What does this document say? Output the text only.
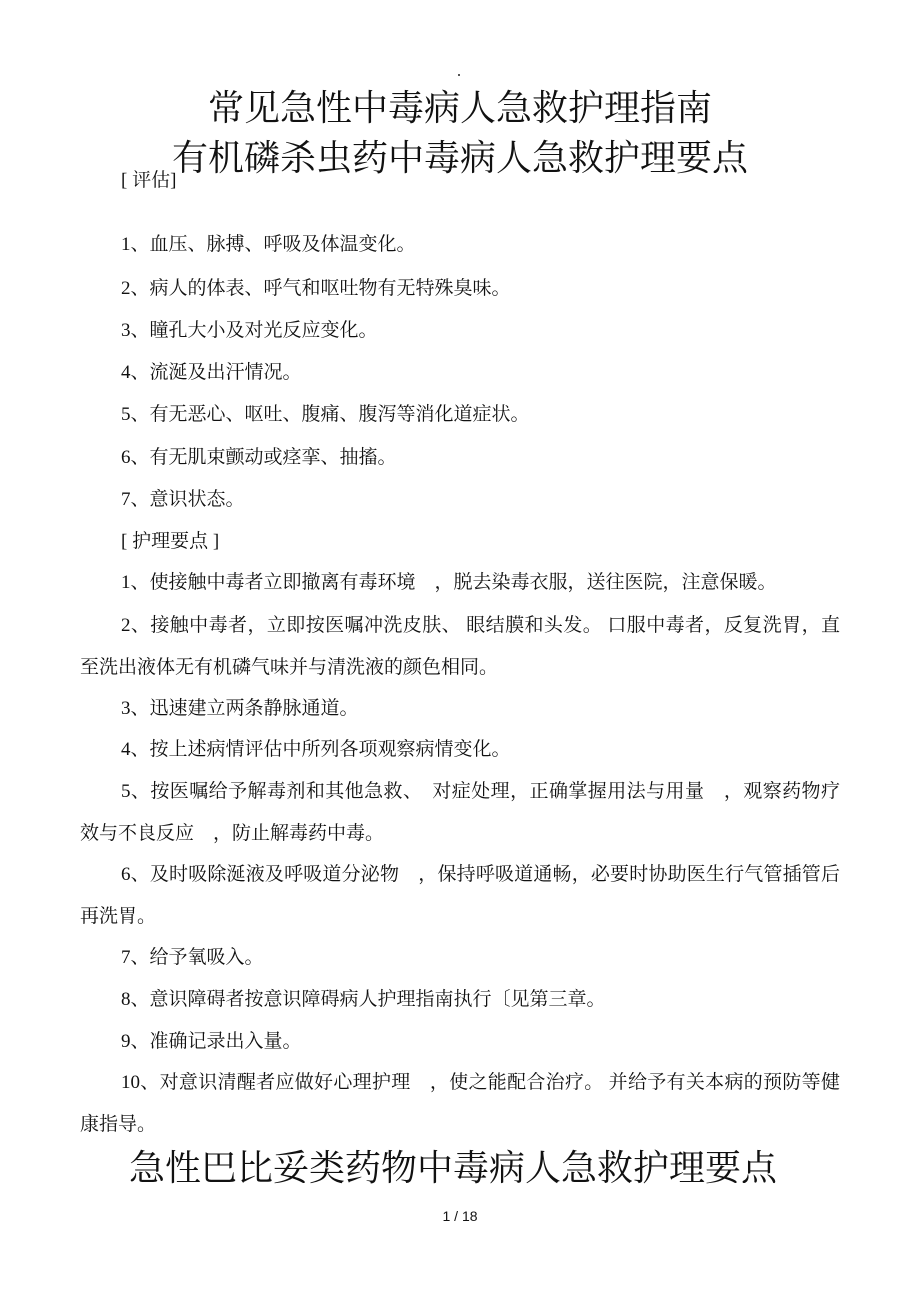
常见急性中毒病人急救护理指南
有机磷杀虫药中毒病人急救护理要点
[ 评估]
1、血压、脉搏、呼吸及体温变化。
2、病人的体表、呼气和呕吐物有无特殊臭味。
3、瞳孔大小及对光反应变化。
4、流涎及出汗情况。
5、有无恶心、呕吐、腹痛、腹泻等消化道症状。
6、有无肌束颤动或痉挛、抽搐。
7、意识状态。
[ 护理要点 ]
1、使接触中毒者立即撤离有毒环境　，脱去染毒衣服，送往医院，注意保暖。
2、接触中毒者，立即按医嘱冲洗皮肤、 眼结膜和头发。 口服中毒者，反复洗胃，直至洗出液体无有机磷气味并与清洗液的颜色相同。
3、迅速建立两条静脉通道。
4、按上述病情评估中所列各项观察病情变化。
5、按医嘱给予解毒剂和其他急救、　对症处理，正确掌握用法与用量　，观察药物疗效与不良反应　，防止解毒药中毒。
6、及时吸除涎液及呼吸道分泌物　，保持呼吸道通畅，必要时协助医生行气管插管后再洗胃。
7、给予氧吸入。
8、意识障碍者按意识障碍病人护理指南执行〔见第三章。
9、准确记录出入量。
10、对意识清醒者应做好心理护理　，使之能配合治疗。 并给予有关本病的预防等健康指导。
急性巴比妥类药物中毒病人急救护理要点
1 / 18
